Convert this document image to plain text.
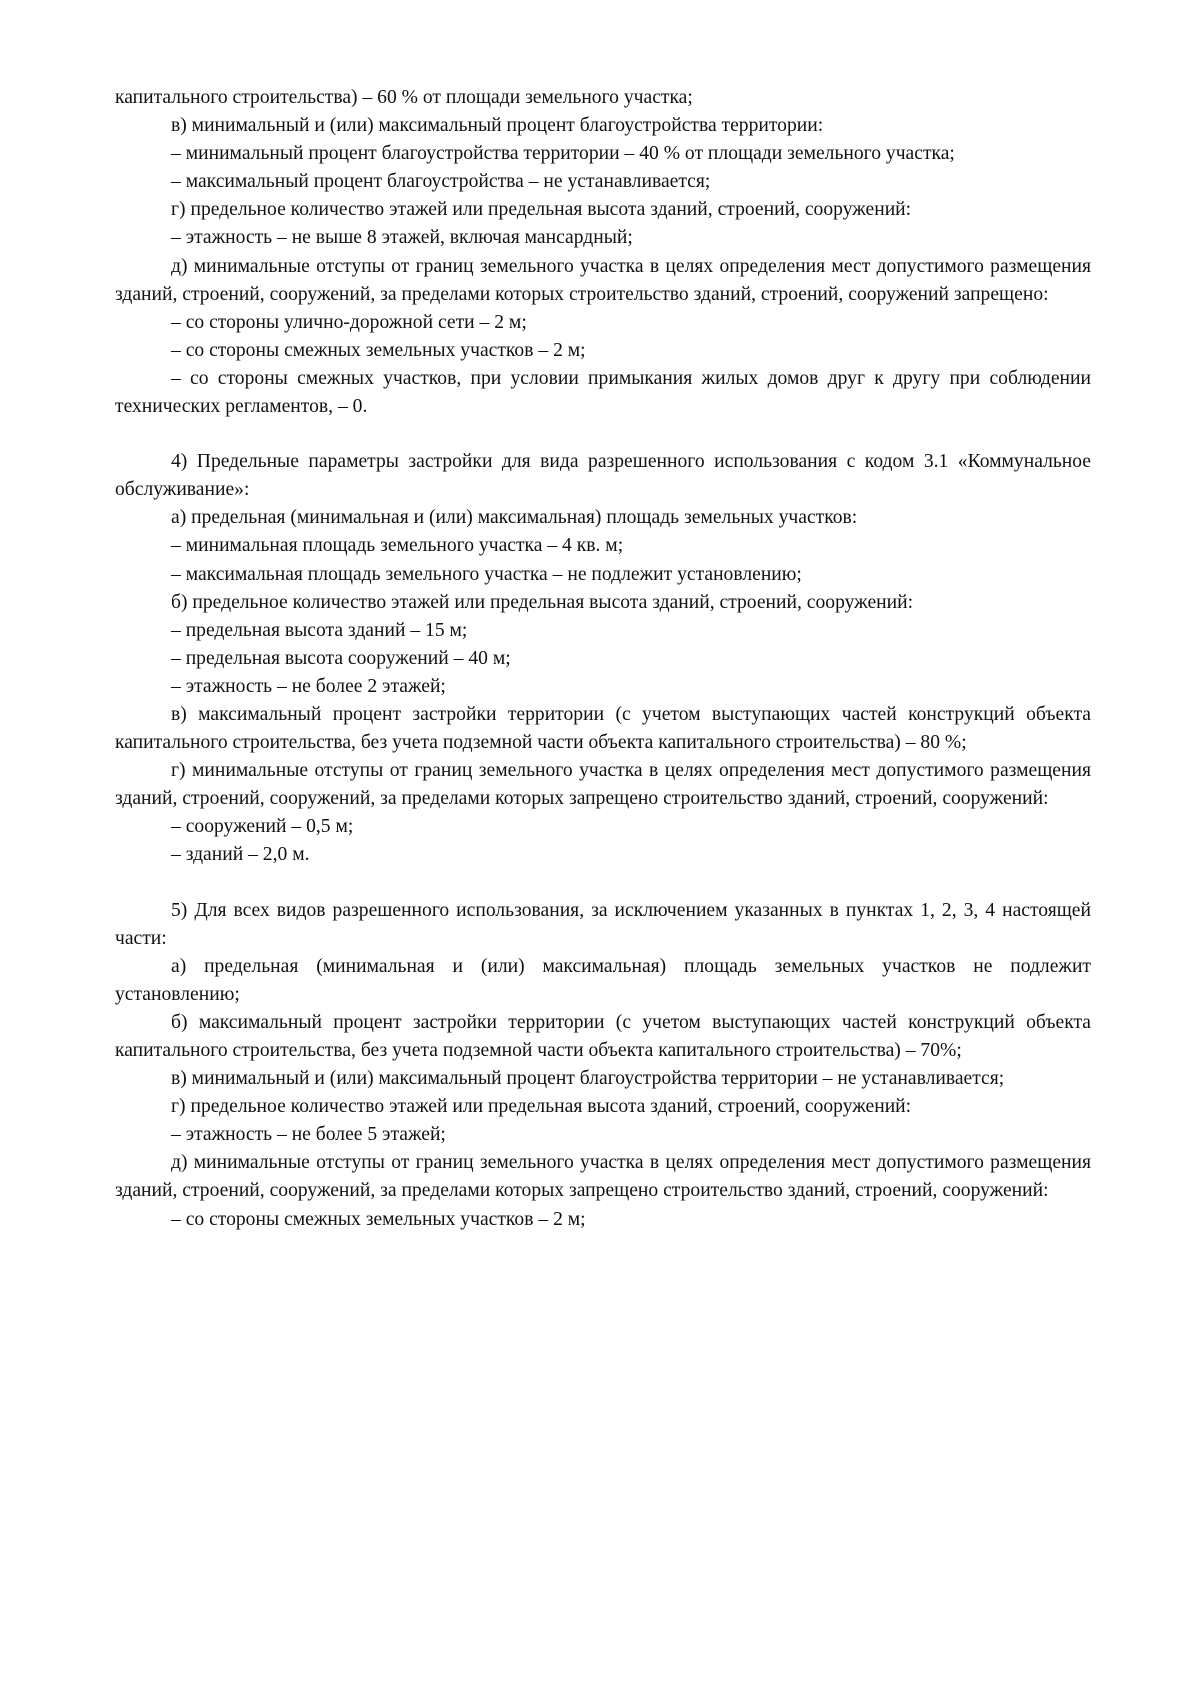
капитального строительства) – 60 % от площади земельного участка;

в) минимальный и (или) максимальный процент благоустройства территории:

– минимальный процент благоустройства территории – 40 % от площади земельного участка;

– максимальный процент благоустройства – не устанавливается;

г) предельное количество этажей или предельная высота зданий, строений, сооружений:

– этажность – не выше 8 этажей, включая мансардный;

д) минимальные отступы от границ земельного участка в целях определения мест допустимого размещения зданий, строений, сооружений, за пределами которых строительство зданий, строений, сооружений запрещено:

– со стороны улично-дорожной сети – 2 м;

– со стороны смежных земельных участков – 2 м;

– со стороны смежных участков, при условии примыкания жилых домов друг к другу при соблюдении технических регламентов, – 0.

4) Предельные параметры застройки для вида разрешенного использования с кодом 3.1 «Коммунальное обслуживание»:

а) предельная (минимальная и (или) максимальная) площадь земельных участков:

– минимальная площадь земельного участка – 4 кв. м;

– максимальная площадь земельного участка – не подлежит установлению;

б) предельное количество этажей или предельная высота зданий, строений, сооружений:

– предельная высота зданий – 15 м;

– предельная высота сооружений – 40 м;

– этажность – не более 2 этажей;

в) максимальный процент застройки территории (с учетом выступающих частей конструкций объекта капитального строительства, без учета подземной части объекта капитального строительства) – 80 %;

г) минимальные отступы от границ земельного участка в целях определения мест допустимого размещения зданий, строений, сооружений, за пределами которых запрещено строительство зданий, строений, сооружений:

– сооружений – 0,5 м;

– зданий – 2,0 м.

5) Для всех видов разрешенного использования, за исключением указанных в пунктах 1, 2, 3, 4 настоящей части:

а) предельная (минимальная и (или) максимальная) площадь земельных участков не подлежит установлению;

б) максимальный процент застройки территории (с учетом выступающих частей конструкций объекта капитального строительства, без учета подземной части объекта капитального строительства) – 70%;

в) минимальный и (или) максимальный процент благоустройства территории – не устанавливается;

г) предельное количество этажей или предельная высота зданий, строений, сооружений:

– этажность – не более 5 этажей;

д) минимальные отступы от границ земельного участка в целях определения мест допустимого размещения зданий, строений, сооружений, за пределами которых запрещено строительство зданий, строений, сооружений:

– со стороны смежных земельных участков – 2 м;
